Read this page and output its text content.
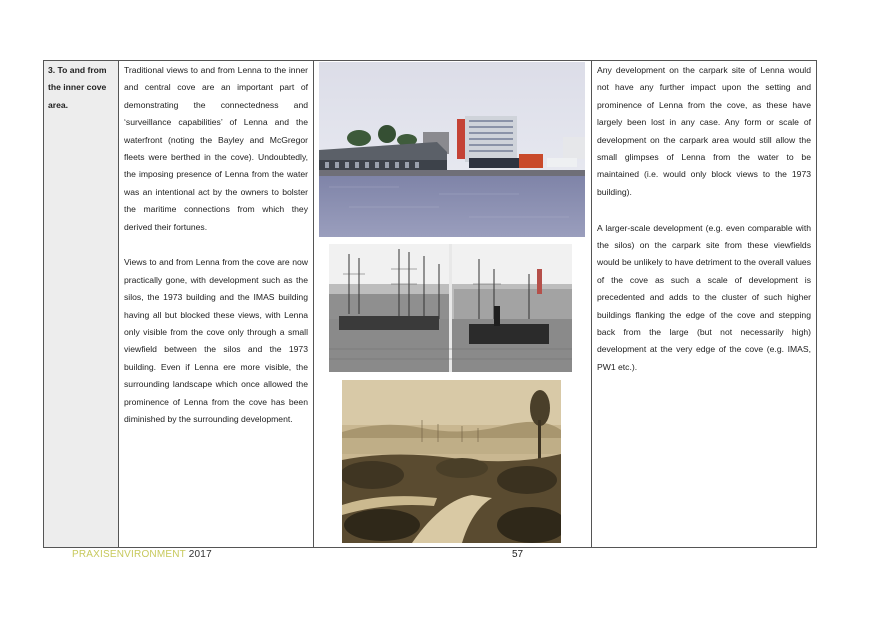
3. To and from the inner cove area.

Traditional views to and from Lenna to the inner and central cove are an important part of demonstrating the connectedness and ‘surveillance capabilities’ of Lenna and the waterfront (noting the Bayley and McGregor fleets were berthed in the cove). Undoubtedly, the imposing presence of Lenna from the water was an intentional act by the owners to bolster the maritime connections from which they derived their fortunes.

Views to and from Lenna from the cove are now practically gone, with development such as the silos, the 1973 building and the IMAS building having all but blocked these views, with Lenna only visible from the cove only through a small viewfield between the silos and the 1973 building. Even if Lenna ere more visible, the surrounding landscape which once allowed the prominence of Lenna from the cove has been diminished by the surrounding development.

Any development on the carpark site of Lenna would not have any further impact upon the setting and prominence of Lenna from the cove, as these have largely been lost in any case. Any form or scale of development on the carpark area would still allow the small glimpses of Lenna from the water to be maintained (i.e. would only block views to the 1973 building).

A larger-scale development (e.g. even comparable with the silos) on the carpark site from these viewfields would be unlikely to have detriment to the overall values of the cove as such a scale of development is precedented and adds to the cluster of such higher buildings flanking the edge of the cove and stepping back from the large (but not necessarily high) development at the very edge of the cove (e.g. IMAS, PW1 etc.).

PRAXISENVIRONMENT 2017	57
